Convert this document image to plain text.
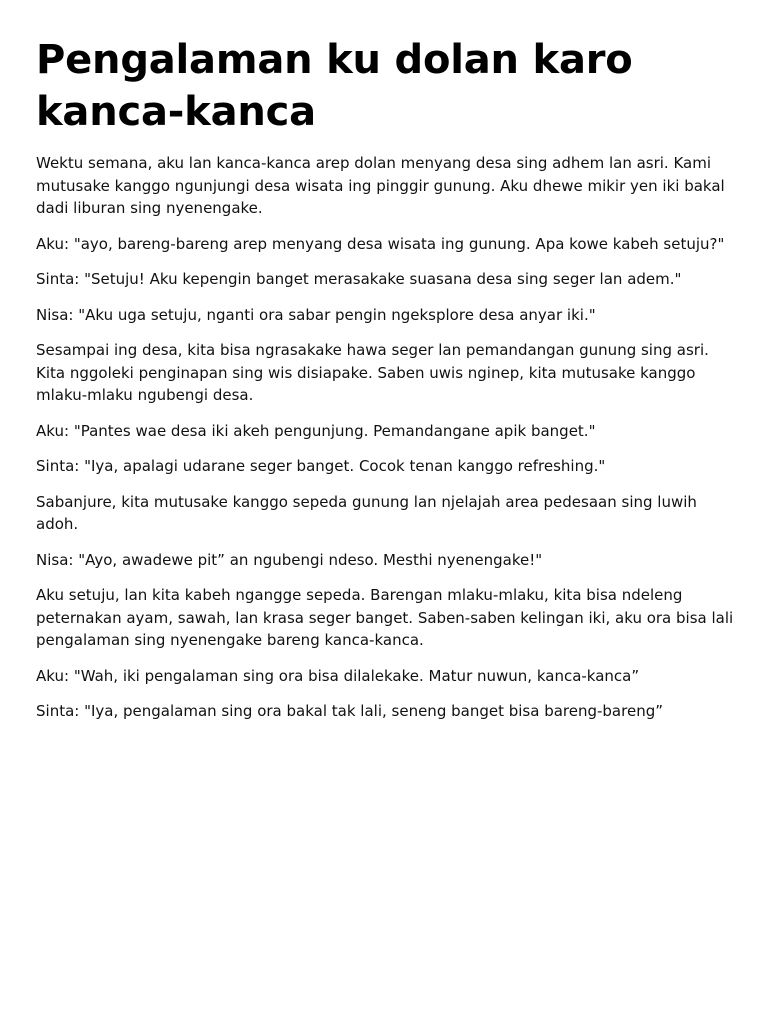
Pengalaman ku dolan karo kanca-kanca

Wektu semana, aku lan kanca-kanca arep dolan menyang desa sing adhem lan asri. Kami mutusake kanggo ngunjungi desa wisata ing pinggir gunung. Aku dhewe mikir yen iki bakal dadi liburan sing nyenengake.

Aku: "ayo, bareng-bareng arep menyang desa wisata ing gunung. Apa kowe kabeh setuju?"

Sinta: "Setuju! Aku kepengin banget merasakake suasana desa sing seger lan adem."

Nisa: "Aku uga setuju, nganti ora sabar pengin ngeksplore desa anyar iki."

Sesampai ing desa, kita bisa ngrasakake hawa seger lan pemandangan gunung sing asri. Kita nggoleki penginapan sing wis disiapake. Saben uwis nginep, kita mutusake kanggo mlaku-mlaku ngubengi desa.

Aku: "Pantes wae desa iki akeh pengunjung. Pemandangane apik banget."

Sinta: "Iya, apalagi udarane seger banget. Cocok tenan kanggo refreshing."

Sabanjure, kita mutusake kanggo sepeda gunung lan njelajah area pedesaan sing luwih adoh.

Nisa: "Ayo, awadewe pit” an ngubengi ndeso. Mesthi nyenengake!"

Aku setuju, lan kita kabeh ngangge sepeda. Barengan mlaku-mlaku, kita bisa ndeleng peternakan ayam, sawah, lan krasa seger banget. Saben-saben kelingan iki, aku ora bisa lali pengalaman sing nyenengake bareng kanca-kanca.

Aku: "Wah, iki pengalaman sing ora bisa dilalekake. Matur nuwun, kanca-kanca”

Sinta: "Iya, pengalaman sing ora bakal tak lali, seneng banget bisa bareng-bareng”
